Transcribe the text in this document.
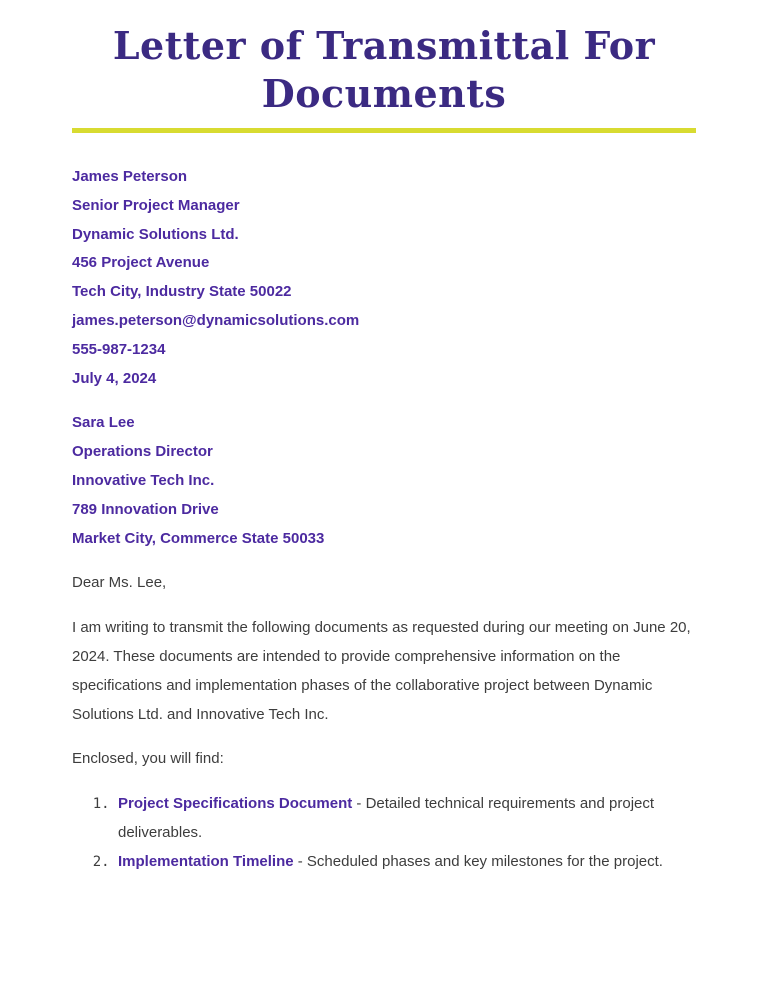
Letter of Transmittal For Documents
James Peterson
Senior Project Manager
Dynamic Solutions Ltd.
456 Project Avenue
Tech City, Industry State 50022
james.peterson@dynamicsolutions.com
555-987-1234
July 4, 2024
Sara Lee
Operations Director
Innovative Tech Inc.
789 Innovation Drive
Market City, Commerce State 50033

Dear Ms. Lee,

I am writing to transmit the following documents as requested during our meeting on June 20, 2024. These documents are intended to provide comprehensive information on the specifications and implementation phases of the collaborative project between Dynamic Solutions Ltd. and Innovative Tech Inc.

Enclosed, you will find:

1. Project Specifications Document - Detailed technical requirements and project deliverables.
2. Implementation Timeline - Scheduled phases and key milestones for the project.
